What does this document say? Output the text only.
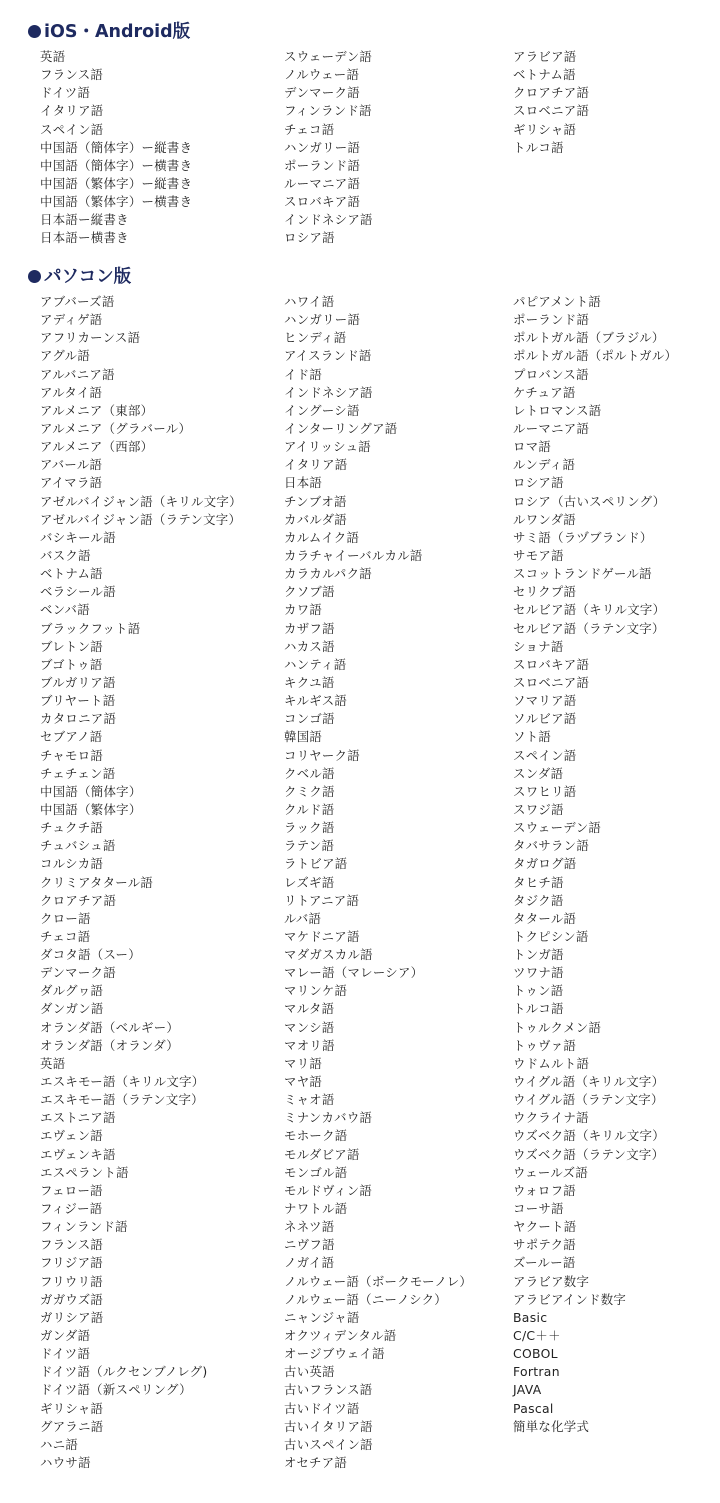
iOS・Android版
英語
フランス語
ドイツ語
イタリア語
スペイン語
中国語（簡体字）ー縦書き
中国語（簡体字）ー横書き
中国語（繁体字）ー縦書き
中国語（繁体字）ー横書き
日本語ー縦書き
日本語ー横書き
スウェーデン語
ノルウェー語
デンマーク語
フィンランド語
チェコ語
ハンガリー語
ポーランド語
ルーマニア語
スロバキア語
インドネシア語
ロシア語
アラビア語
ベトナム語
クロアチア語
スロベニア語
ギリシャ語
トルコ語
パソコン版
アブバーズ語
アディゲ語
アフリカーンス語
アグル語
アルバニア語
アルタイ語
アルメニア（東部）
アルメニア（グラバール）
アルメニア（西部）
アバール語
アイマラ語
アゼルバイジャン語（キリル文字）
アゼルバイジャン語（ラテン文字）
バシキール語
バスク語
ベトナム語
ベラシール語
ベンバ語
ブラックフット語
ブレトン語
ブゴトゥ語
ブルガリア語
ブリヤート語
カタロニア語
セブアノ語
チャモロ語
チェチェン語
中国語（簡体字）
中国語（繁体字）
チュクチ語
チュバシュ語
コルシカ語
クリミアタタール語
クロアチア語
クロー語
チェコ語
ダコタ語（スー）
デンマーク語
ダルグヮ語
ダンガン語
オランダ語（ベルギー）
オランダ語（オランダ）
英語
エスキモー語（キリル文字）
エスキモー語（ラテン文字）
エストニア語
エヴェン語
エヴェンキ語
エスペラント語
フェロー語
フィジー語
フィンランド語
フランス語
フリジア語
フリウリ語
ガガウズ語
ガリシア語
ガンダ語
ドイツ語
ドイツ語（ルクセンブノレグ)
ドイツ語（新スペリング）
ギリシャ語
グアラニ語
ハニ語
ハウサ語
ハワイ語
ハンガリー語
ヒンディ語
アイスランド語
イド語
インドネシア語
イングーシ語
インターリングア語
アイリッシュ語
イタリア語
日本語
チンブオ語
カバルダ語
カルムイク語
カラチャイーバルカル語
カラカルパク語
クソブ語
カワ語
カザフ語
ハカス語
ハンティ語
キクユ語
キルギス語
コンゴ語
韓国語
コリヤーク語
クベル語
クミク語
クルド語
ラック語
ラテン語
ラトビア語
レズギ語
リトアニア語
ルバ語
マケドニア語
マダガスカル語
マレー語（マレーシア）
マリンケ語
マルタ語
マンシ語
マオリ語
マリ語
マヤ語
ミャオ語
ミナンカバウ語
モホーク語
モルダビア語
モンゴル語
モルドヴィン語
ナワトル語
ネネツ語
ニヴフ語
ノガイ語
ノルウェー語（ボークモーノレ）
ノルウェー語（ニーノシク）
ニャンジャ語
オクツィデンタル語
オージブウェイ語
古い英語
古いフランス語
古いドイツ語
古いイタリア語
古いスペイン語
オセチア語
パピアメント語
ポーランド語
ポルトガル語（ブラジル）
ポルトガル語（ポルトガル）
プロバンス語
ケチュア語
レトロマンス語
ルーマニア語
ロマ語
ルンディ語
ロシア語
ロシア（古いスペリング）
ルワンダ語
サミ語（ラヅブランド）
サモア語
スコットランドゲール語
セリクプ語
セルビア語（キリル文字）
セルビア語（ラテン文字）
ショナ語
スロバキア語
スロベニア語
ソマリア語
ソルビア語
ソト語
スペイン語
スンダ語
スワヒリ語
スワジ語
スウェーデン語
タバサラン語
タガログ語
タヒチ語
タジク語
タタール語
トクピシン語
トンガ語
ツワナ語
トゥン語
トルコ語
トゥルクメン語
トゥヴァ語
ウドムルト語
ウイグル語（キリル文字）
ウイグル語（ラテン文字）
ウクライナ語
ウズベク語（キリル文字）
ウズベク語（ラテン文字）
ウェールズ語
ウォロフ語
コーサ語
ヤクート語
サポテク語
ズールー語
アラビア数字
アラビアインド数字
Basic
C/C＋＋
COBOL
Fortran
JAVA
Pascal
簡単な化学式
